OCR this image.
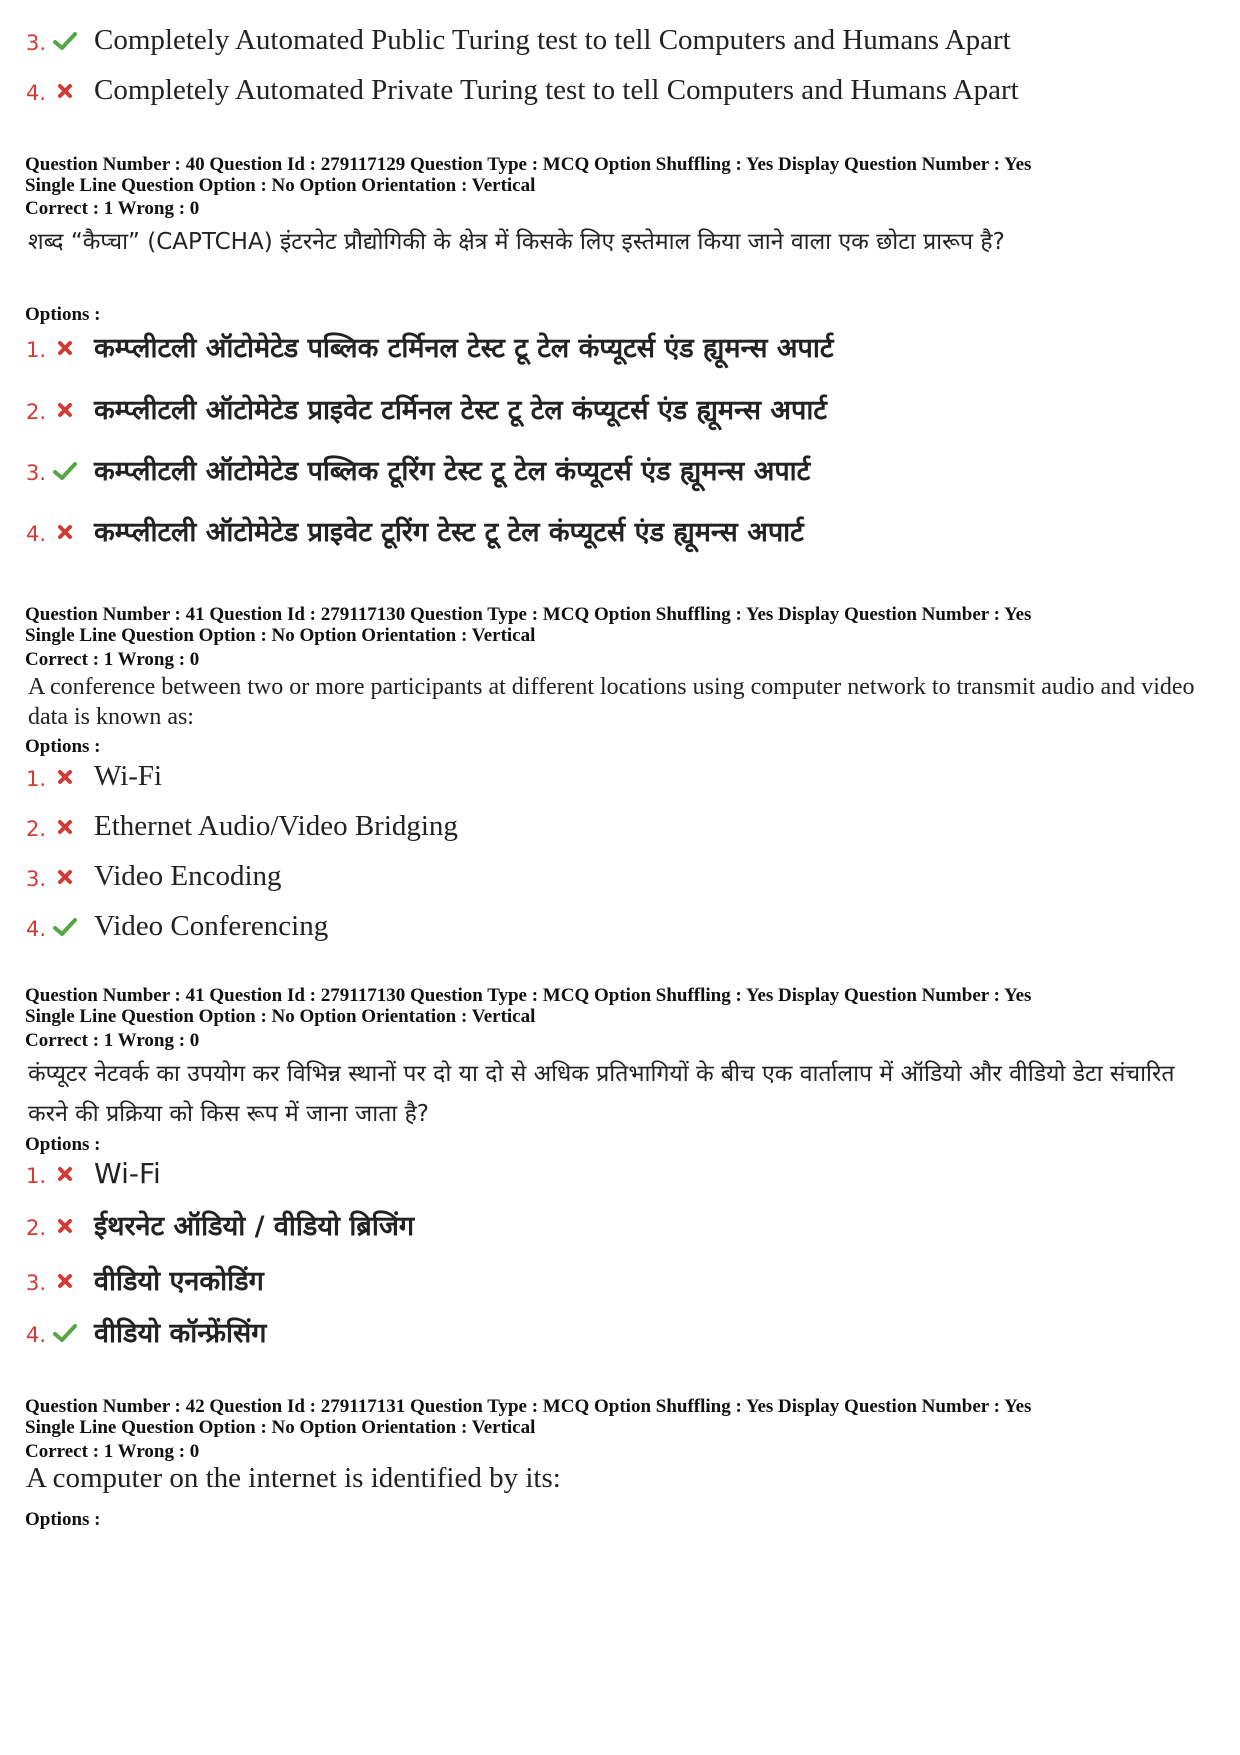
3. Completely Automated Public Turing test to tell Computers and Humans Apart
4. Completely Automated Private Turing test to tell Computers and Humans Apart
Question Number : 40 Question Id : 279117129 Question Type : MCQ Option Shuffling : Yes Display Question Number : Yes
Single Line Question Option : No Option Orientation : Vertical
Correct : 1 Wrong : 0
शब्द “कैप्चा” (CAPTCHA) इंटरनेट प्रौद्योगिकी के क्षेत्र में किसके लिए इस्तेमाल किया जाने वाला एक छोटा प्रारूप है?
Options :
1. कम्प्लीटली ऑटोमेटेड पब्लिक टर्मिनल टेस्ट टू टेल कंप्यूटर्स एंड ह्यूमन्स अपार्ट
2. कम्प्लीटली ऑटोमेटेड प्राइवेट टर्मिनल टेस्ट टू टेल कंप्यूटर्स एंड ह्यूमन्स अपार्ट
3. कम्प्लीटली ऑटोमेटेड पब्लिक टूरिंग टेस्ट टू टेल कंप्यूटर्स एंड ह्यूमन्स अपार्ट
4. कम्प्लीटली ऑटोमेटेड प्राइवेट टूरिंग टेस्ट टू टेल कंप्यूटर्स एंड ह्यूमन्स अपार्ट
Question Number : 41 Question Id : 279117130 Question Type : MCQ Option Shuffling : Yes Display Question Number : Yes
Single Line Question Option : No Option Orientation : Vertical
Correct : 1 Wrong : 0
A conference between two or more participants at different locations using computer network to transmit audio and video data is known as:
Options :
1. Wi-Fi
2. Ethernet Audio/Video Bridging
3. Video Encoding
4. Video Conferencing
Question Number : 41 Question Id : 279117130 Question Type : MCQ Option Shuffling : Yes Display Question Number : Yes
Single Line Question Option : No Option Orientation : Vertical
Correct : 1 Wrong : 0
कंप्यूटर नेटवर्क का उपयोग कर विभिन्न स्थानों पर दो या दो से अधिक प्रतिभागियों के बीच एक वार्तालाप में ऑडियो और वीडियो डेटा संचारित करने की प्रक्रिया को किस रूप में जाना जाता है?
Options :
1. Wi-Fi
2. ईथरनेट ऑडियो / वीडियो ब्रिजिंग
3. वीडियो एनकोडिंग
4. वीडियो कॉन्फ्रेंसिंग
Question Number : 42 Question Id : 279117131 Question Type : MCQ Option Shuffling : Yes Display Question Number : Yes
Single Line Question Option : No Option Orientation : Vertical
Correct : 1 Wrong : 0
A computer on the internet is identified by its:
Options :
